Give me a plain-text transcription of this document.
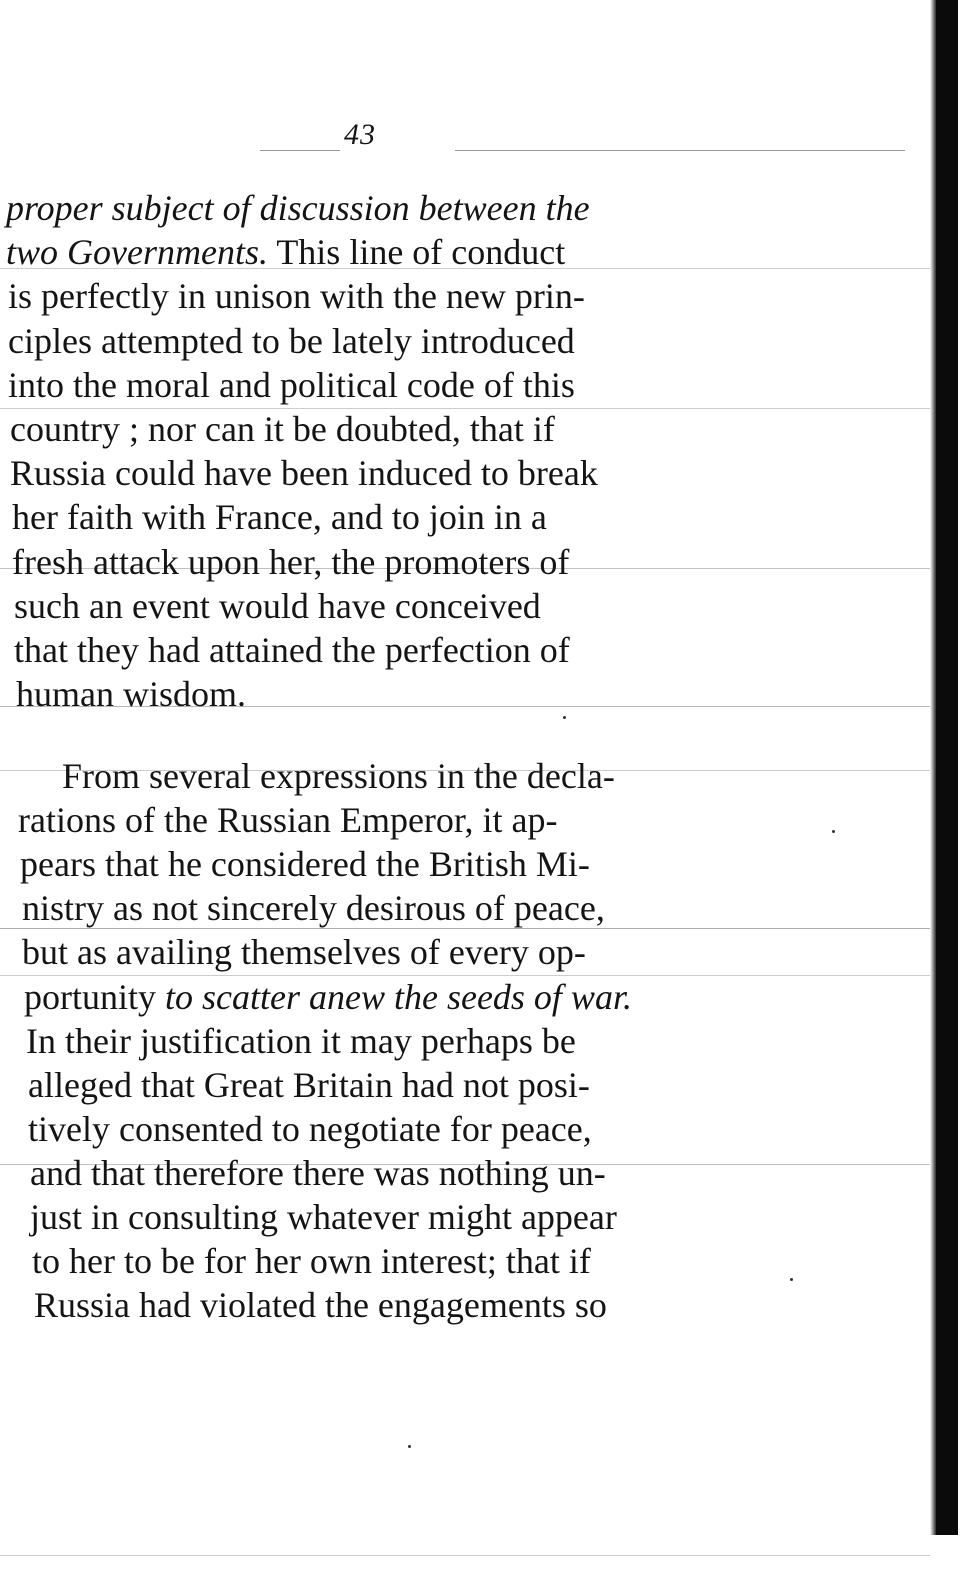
43
proper subject of discussion between the
two Governments. This line of conduct
is perfectly in unison with the new prin-
ciples attempted to be lately introduced
into the moral and political code of this
country ; nor can it be doubted, that if
Russia could have been induced to break
her faith with France, and to join in a
fresh attack upon her, the promoters of
such an event would have conceived
that they had attained the perfection of
human wisdom.
From several expressions in the decla-
rations of the Russian Emperor, it ap-
pears that he considered the British Mi-
nistry as not sincerely desirous of peace,
but as availing themselves of every op-
portunity to scatter anew the seeds of war.
In their justification it may perhaps be
alleged that Great Britain had not posi-
tively consented to negotiate for peace,
and that therefore there was nothing un-
just in consulting whatever might appear
to her to be for her own interest; that if
Russia had violated the engagements so
